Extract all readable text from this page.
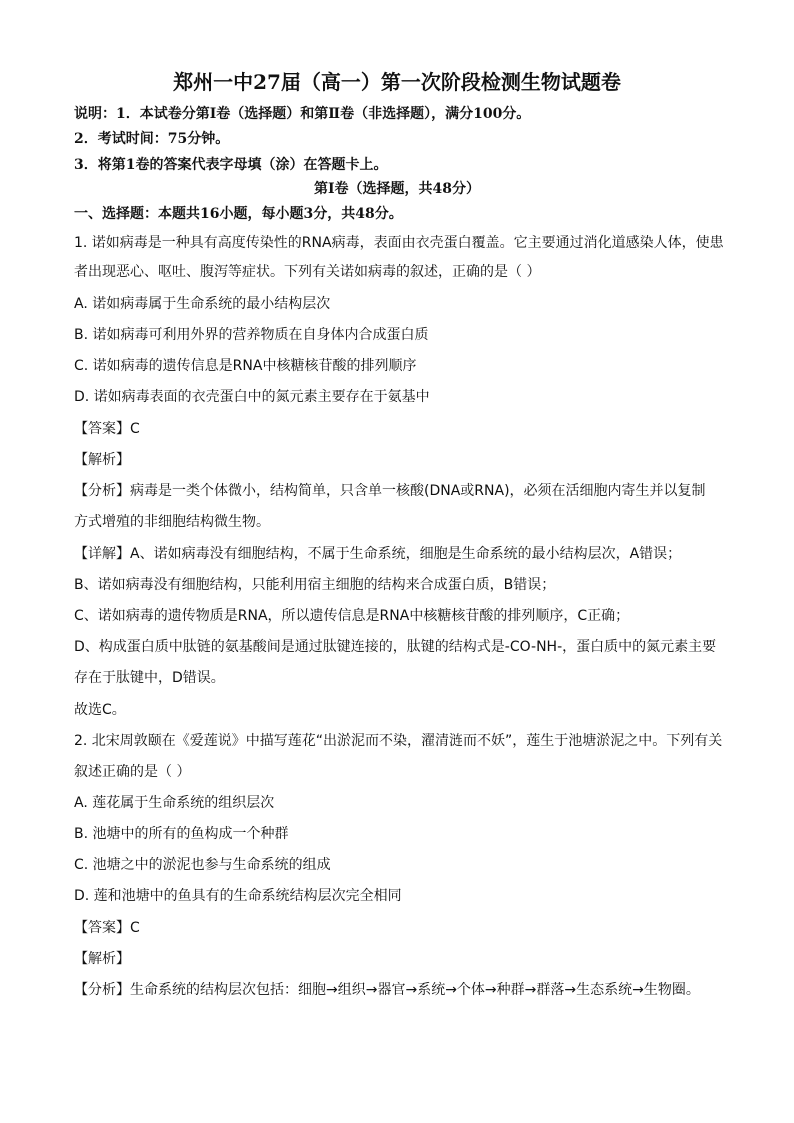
郑州一中27届（高一）第一次阶段检测生物试题卷
说明：1．本试卷分第Ⅰ卷（选择题）和第Ⅱ卷（非选择题），满分100分。
2．考试时间：75分钟。
3．将第1卷的答案代表字母填（涂）在答题卡上。
第Ⅰ卷（选择题，共48分）
一、选择题：本题共16小题，每小题3分，共48分。
1. 诺如病毒是一种具有高度传染性的RNA病毒，表面由衣壳蛋白覆盖。它主要通过消化道感染人体，使患
者出现恶心、呕吐、腹泻等症状。下列有关诺如病毒的叙述，正确的是（ ）
A. 诺如病毒属于生命系统的最小结构层次
B. 诺如病毒可利用外界的营养物质在自身体内合成蛋白质
C. 诺如病毒的遗传信息是RNA中核糖核苷酸的排列顺序
D. 诺如病毒表面的衣壳蛋白中的氮元素主要存在于氨基中
【答案】C
【解析】
【分析】病毒是一类个体微小，结构简单，只含单一核酸(DNA或RNA)，必须在活细胞内寄生并以复制
方式增殖的非细胞结构微生物。
【详解】A、诺如病毒没有细胞结构，不属于生命系统，细胞是生命系统的最小结构层次，A错误；
B、诺如病毒没有细胞结构，只能利用宿主细胞的结构来合成蛋白质，B错误；
C、诺如病毒的遗传物质是RNA，所以遗传信息是RNA中核糖核苷酸的排列顺序，C正确；
D、构成蛋白质中肽链的氨基酸间是通过肽键连接的，肽键的结构式是-CO-NH-，蛋白质中的氮元素主要
存在于肽键中，D错误。
故选C。
2. 北宋周敦颐在《爱莲说》中描写莲花“出淤泥而不染，濯清涟而不妖”，莲生于池塘淤泥之中。下列有关
叙述正确的是（ ）
A. 莲花属于生命系统的组织层次
B. 池塘中的所有的鱼构成一个种群
C. 池塘之中的淤泥也参与生命系统的组成
D. 莲和池塘中的鱼具有的生命系统结构层次完全相同
【答案】C
【解析】
【分析】生命系统的结构层次包括：细胞→组织→器官→系统→个体→种群→群落→生态系统→生物圈。
